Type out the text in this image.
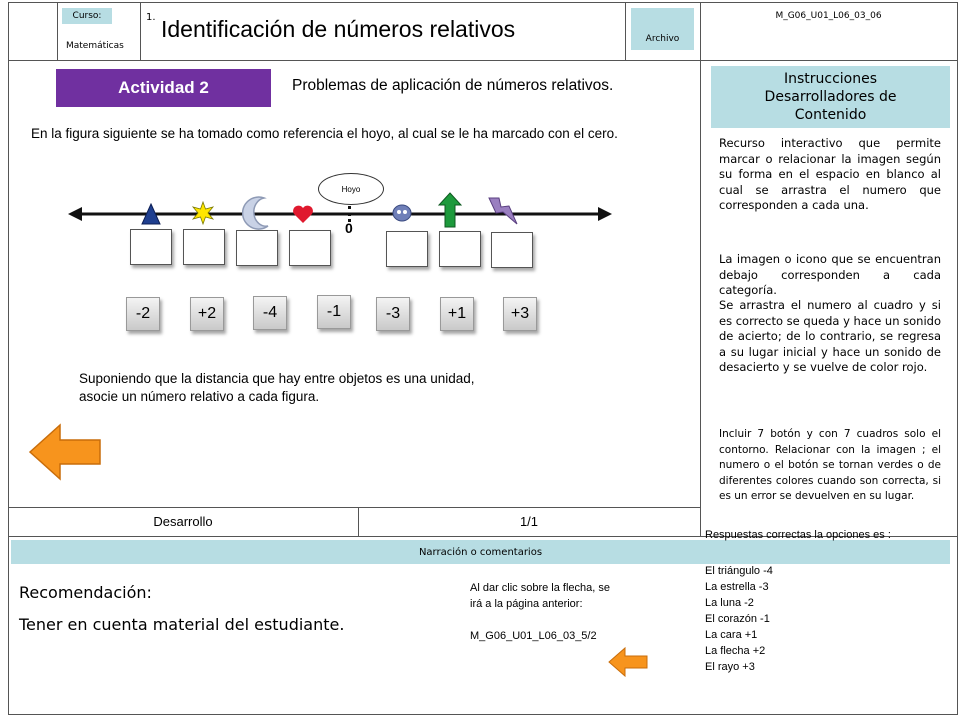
Curso:
Matemáticas
1. Identificación de números relativos	Archivo
M_G06_U01_L06_03_06
Actividad 2	Problemas de aplicación de números relativos.
En la figura siguiente se ha tomado como referencia el hoyo, al cual se le ha marcado con el cero.
Hoyo
0
-2	+2	-4	-1	-3	+1	+3
Suponiendo que la distancia que hay entre objetos es una unidad,
asocie un número relativo a cada figura.
Desarrollo	1/1
Instrucciones Desarrolladores de Contenido
Recurso interactivo que permite marcar o relacionar la imagen según su forma en el espacio en blanco al cual se arrastra el numero que corresponden a cada una.
La imagen o icono que se encuentran debajo corresponden a cada categoría.
Se arrastra el numero al cuadro y si es correcto se queda y hace un sonido de acierto; de lo contrario, se regresa a su lugar inicial y hace un sonido de desacierto y se vuelve de color rojo.
Incluir 7 botón y con 7 cuadros solo el contorno. Relacionar con la imagen ; el numero o el botón se tornan verdes o de diferentes colores cuando son correcta, si es un error se devuelven en su lugar.
Narración o comentarios
Respuestas correctas la opciones es :
El triángulo -4
La estrella -3
La luna -2
El corazón -1
La cara +1
La flecha +2
El rayo +3
Recomendación:
Tener en cuenta material del estudiante.
Al dar clic sobre la flecha, se
irá a la página anterior:
M_G06_U01_L06_03_5/2
